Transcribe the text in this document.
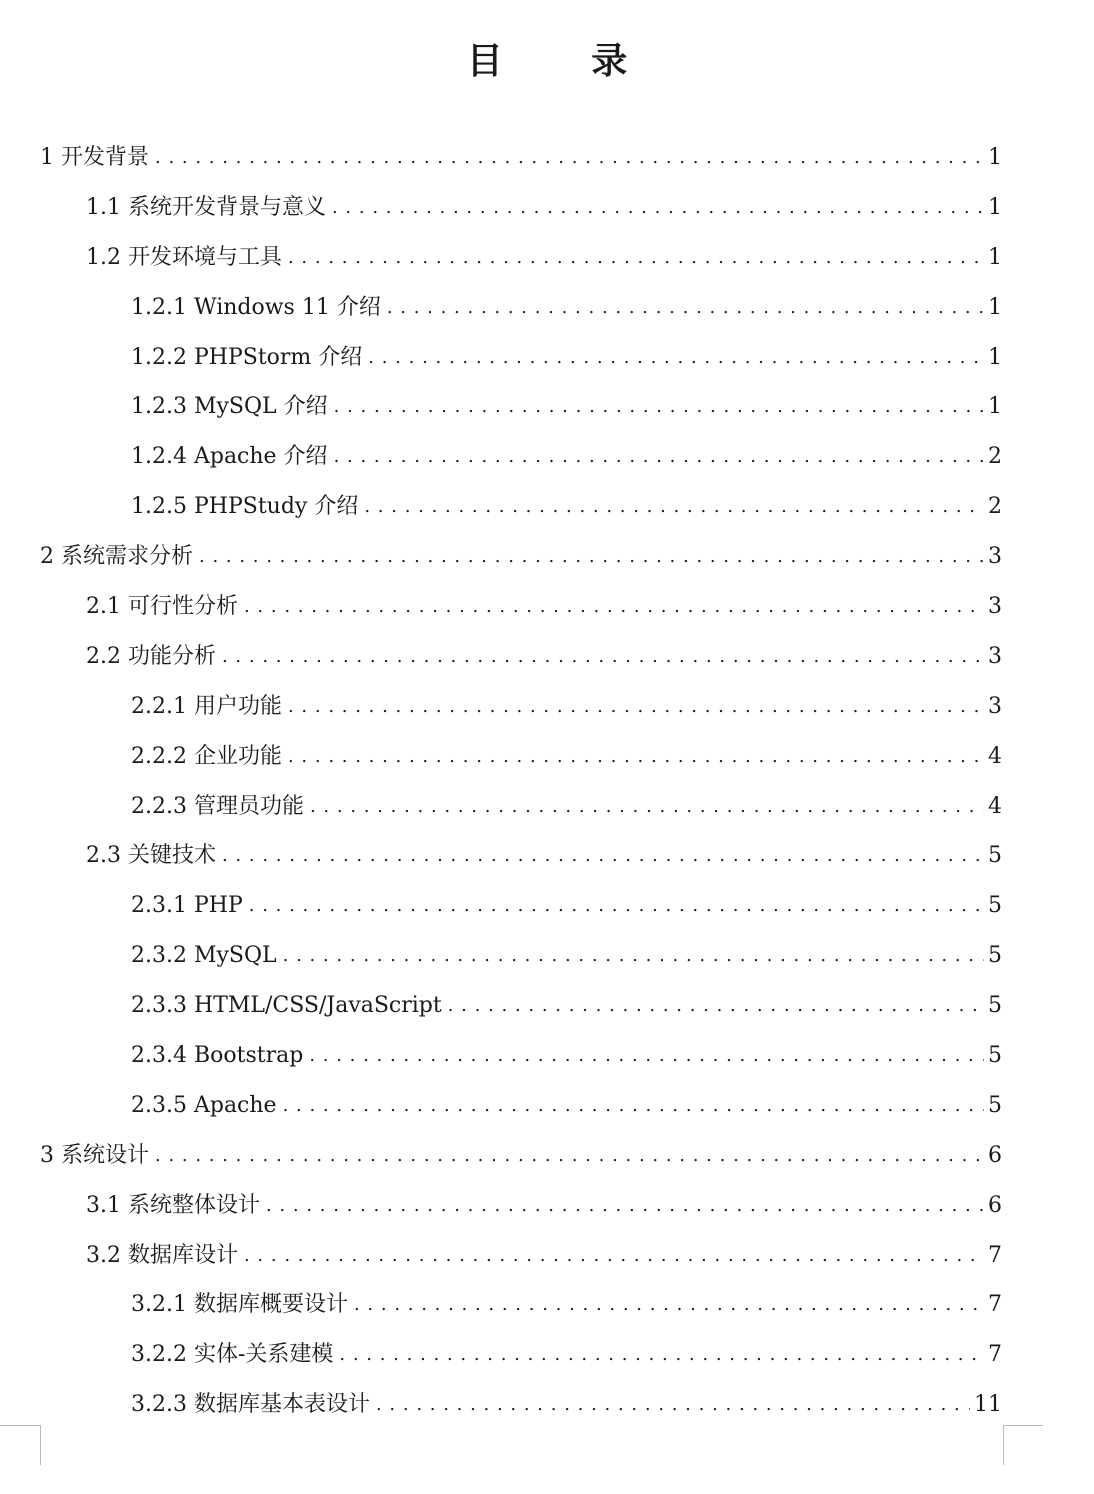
目 录
1 开发背景 . . .	1
1.1 系统开发背景与意义 . . .	1
1.2 开发环境与工具 . . .	1
1.2.1 Windows 11 介绍 . . .	1
1.2.2 PHPStorm 介绍 . . .	1
1.2.3 MySQL 介绍 . . .	1
1.2.4 Apache 介绍 . . .	2
1.2.5 PHPStudy 介绍 . . .	2
2 系统需求分析 . . .	3
2.1 可行性分析 . . .	3
2.2 功能分析 . . .	3
2.2.1 用户功能 . . .	3
2.2.2 企业功能 . . .	4
2.2.3 管理员功能 . . .	4
2.3 关键技术 . . .	5
2.3.1 PHP . . .	5
2.3.2 MySQL . . .	5
2.3.3 HTML/CSS/JavaScript . . .	5
2.3.4 Bootstrap . . .	5
2.3.5 Apache . . .	5
3 系统设计 . . .	6
3.1 系统整体设计 . . .	6
3.2 数据库设计 . . .	7
3.2.1 数据库概要设计 . . .	7
3.2.2 实体-关系建模 . . .	7
3.2.3 数据库基本表设计 . . .	11
